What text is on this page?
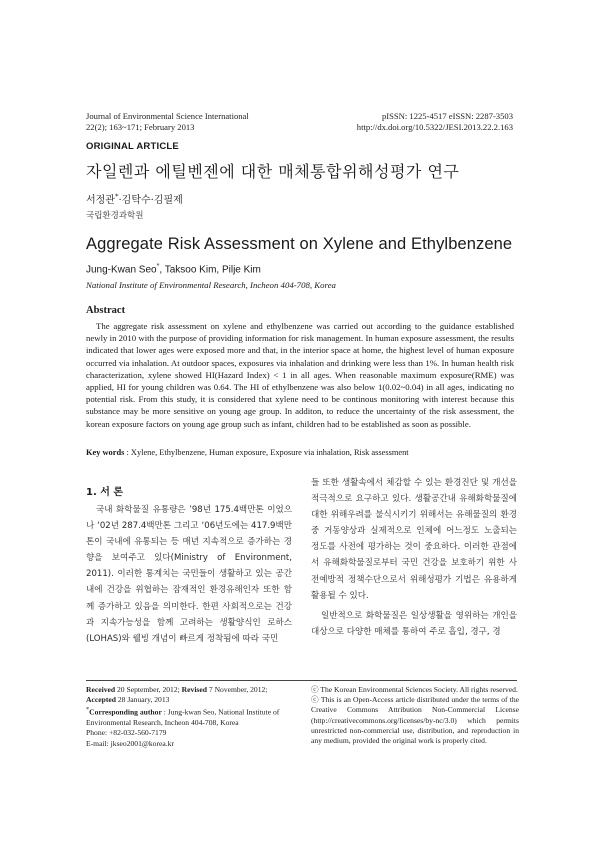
Journal of Environmental Science International
22(2); 163~171; February 2013
pISSN: 1225-4517 eISSN: 2287-3503
http://dx.doi.org/10.5322/JESI.2013.22.2.163
ORIGINAL ARTICLE
자일렌과 에틸벤젠에 대한 매체통합위해성평가 연구
서정관*·김탁수·김필제
국립환경과학원
Aggregate Risk Assessment on Xylene and Ethylbenzene
Jung-Kwan Seo*, Taksoo Kim, Pilje Kim
National Institute of Environmental Research, Incheon 404-708, Korea
Abstract

The aggregate risk assessment on xylene and ethylbenzene was carried out according to the guidance established newly in 2010 with the purpose of providing information for risk management. In human exposure assessment, the results indicated that lower ages were exposed more and that, in the interior space at home, the highest level of human exposure occurred via inhalation. At outdoor spaces, exposures via inhalation and drinking were less than 1%. In human health risk characterization, xylene showed HI(Hazard Index) < 1 in all ages. When reasonable maximum exposure(RME) was applied, HI for young children was 0.64. The HI of ethylbenzene was also below 1(0.02~0.04) in all ages, indicating no potential risk. From this study, it is considered that xylene need to be continous monitoring with interest because this substance may be more sensitive on young age group. In additon, to reduce the uncertainty of the risk assessment, the korean exposure factors on young age group such as infant, children had to be established as soon as possible.

Key words : Xylene, Ethylbenzene, Human exposure, Exposure via inhalation, Risk assessment
1. 서 론

국내 화학물질 유통량은 ’98년 175.4백만톤 이었으나 ‘02년 287.4백만톤 그리고 ‘06년도에는 417.9백만톤이 국내에 유통되는 등 매년 지속적으로 증가하는 경향을 보여주고 있다(Ministry of Environment, 2011). 이러한 통계치는 국민들이 생활하고 있는 공간 내에 건강을 위협하는 잠재적인 환경유해인자 또한 함께 증가하고 있음을 의미한다. 한편 사회적으로는 건강과 지속가능성을 함께 고려하는 생활양식인 로하스(LOHAS)와 웰빙 개념이 빠르게 정착됨에 따라 국민

들 또한 생활속에서 체감할 수 있는 환경진단 및 개선을 적극적으로 요구하고 있다. 생활공간내 유해화학물질에 대한 위해우려를 불식시키기 위해서는 유해물질의 환경 중 거동양상과 실제적으로 인체에 어느정도 노출되는 정도를 사전에 평가하는 것이 중요하다. 이러한 관점에서 유해화학물질로부터 국민 건강을 보호하기 위한 사전예방적 정책수단으로서 위해성평가 기법은 유용하게 활용될 수 있다.

일반적으로 화학물질은 일상생활을 영위하는 개인을 대상으로 다양한 매체를 통하여 주로 흡입, 경구, 경

Received 20 September, 2012; Revised 7 November, 2012;
Accepted 28 January, 2013
*Corresponding author : Jung-kwan Seo, National Institute of Environmental Research, Incheon 404-708, Korea
Phone: +82-032-560-7179
E-mail: jkseo2001@korea.kr
ⓒ The Korean Environmental Sciences Society. All rights reserved.
ⓒ This is an Open-Access article distributed under the terms of the Creative Commons Attribution Non-Commercial License (http://creativecommons.org/licenses/by-nc/3.0) which permits unrestricted non-commercial use, distribution, and reproduction in any medium, provided the original work is properly cited.
